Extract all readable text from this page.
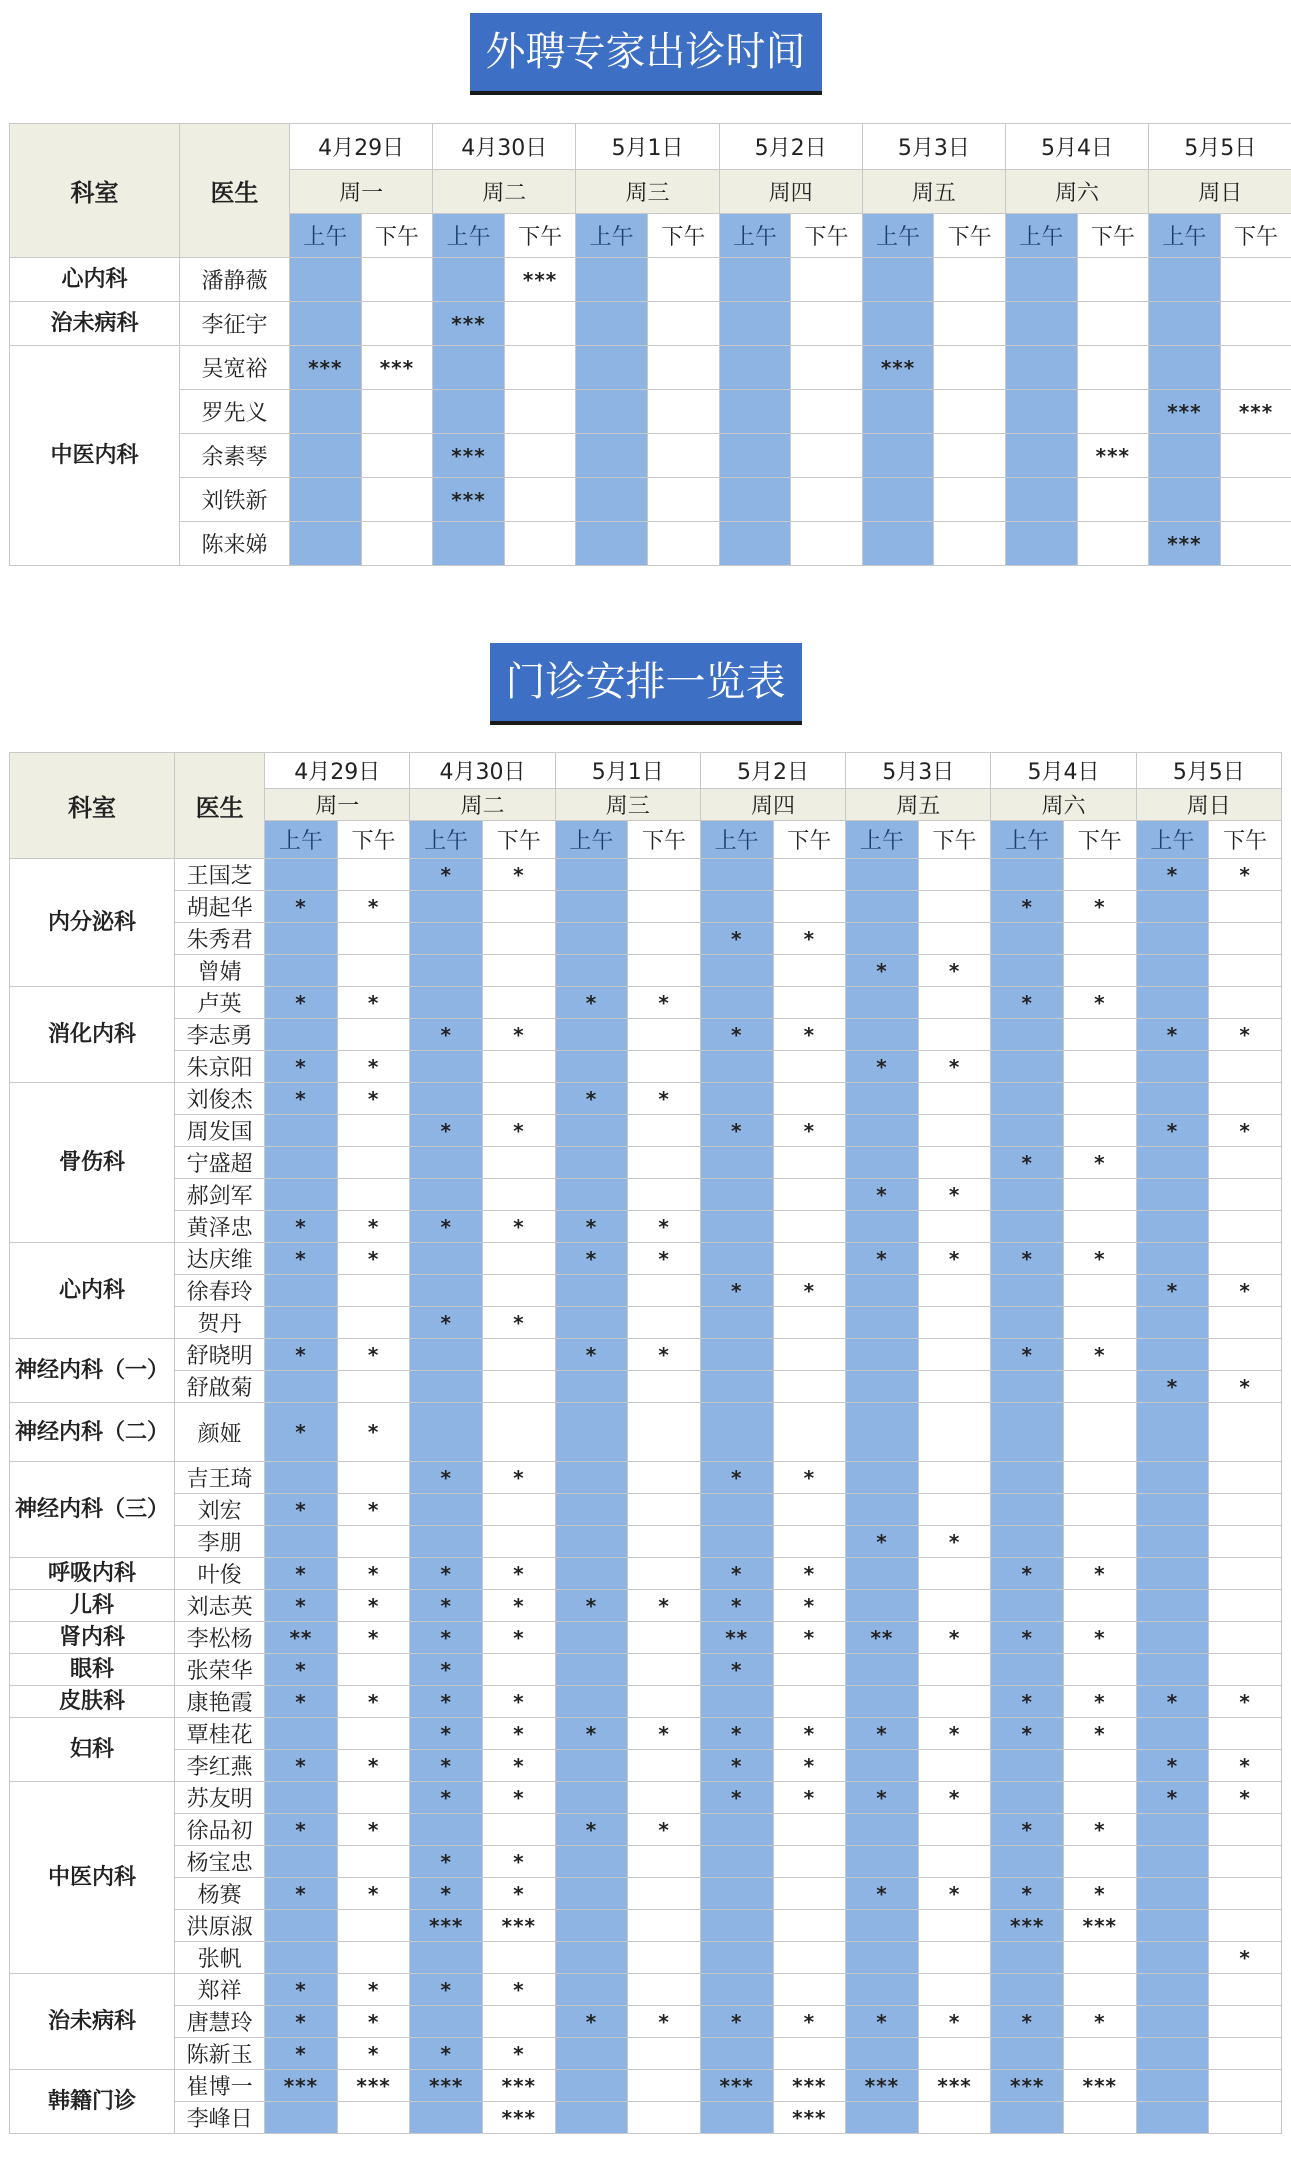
外聘专家出诊时间
科室	医生	4月29日		4月30日		5月1日		5月2日		5月3日		5月4日		5月5日	
		周一		周二		周三		周四		周五		周六		周日	
		上午	下午	上午	下午	上午	下午	上午	下午	上午	下午	上午	下午	上午	下午
心内科	潘静薇				***										
治未病科	李征宇			***											
中医内科	吴宽裕	***	***							***					
	罗先义													***	***
	余素琴			***									***		
	刘铁新			***											
	陈来娣													***	
门诊安排一览表
科室	医生	4月29日		4月30日		5月1日		5月2日		5月3日		5月4日		5月5日	
		周一		周二		周三		周四		周五		周六		周日	
		上午	下午	上午	下午	上午	下午	上午	下午	上午	下午	上午	下午	上午	下午
内分泌科	王国芝			*	*									*	*
	胡起华	*	*									*	*		
	朱秀君							*	*						
	曾婧									*	*				
消化内科	卢英	*	*			*	*					*	*		
	李志勇			*	*			*	*					*	*
	朱京阳	*	*							*	*				
骨伤科	刘俊杰	*	*			*	*								
	周发国			*	*			*	*					*	*
	宁盛超											*	*		
	郝剑军									*	*				
	黄泽忠	*	*	*	*	*	*								
心内科	达庆维	*	*			*	*			*	*	*	*		
	徐春玲							*	*					*	*
	贺丹			*	*										
神经内科（一）	舒晓明	*	*			*	*					*	*		
	舒啟菊													*	*
神经内科（二）	颜娅	*	*												
神经内科（三）	吉王琦			*	*			*	*						
	刘宏	*	*												
	李朋									*	*				
呼吸内科	叶俊	*	*	*	*			*	*			*	*		
儿科	刘志英	*	*	*	*	*	*	*	*						
肾内科	李松杨	**	*	*	*			**	*	**	*	*	*		
眼科	张荣华	*		*				*							
皮肤科	康艳霞	*	*	*	*							*	*	*	*
妇科	覃桂花			*	*	*	*	*	*	*	*	*	*		
	李红燕	*	*	*	*			*	*					*	*
中医内科	苏友明			*	*			*	*	*	*			*	*
	徐品初	*	*			*	*					*	*		
	杨宝忠			*	*										
	杨赛	*	*	*	*					*	*	*	*		
	洪原淑			***	***							***	***		
	张帆														*
治未病科	郑祥	*	*	*	*										
	唐慧玲	*	*			*	*	*	*	*	*	*	*		
	陈新玉	*	*	*	*										
韩籍门诊	崔博一	***	***	***	***			***	***	***	***	***	***		
	李峰日				***				***						
